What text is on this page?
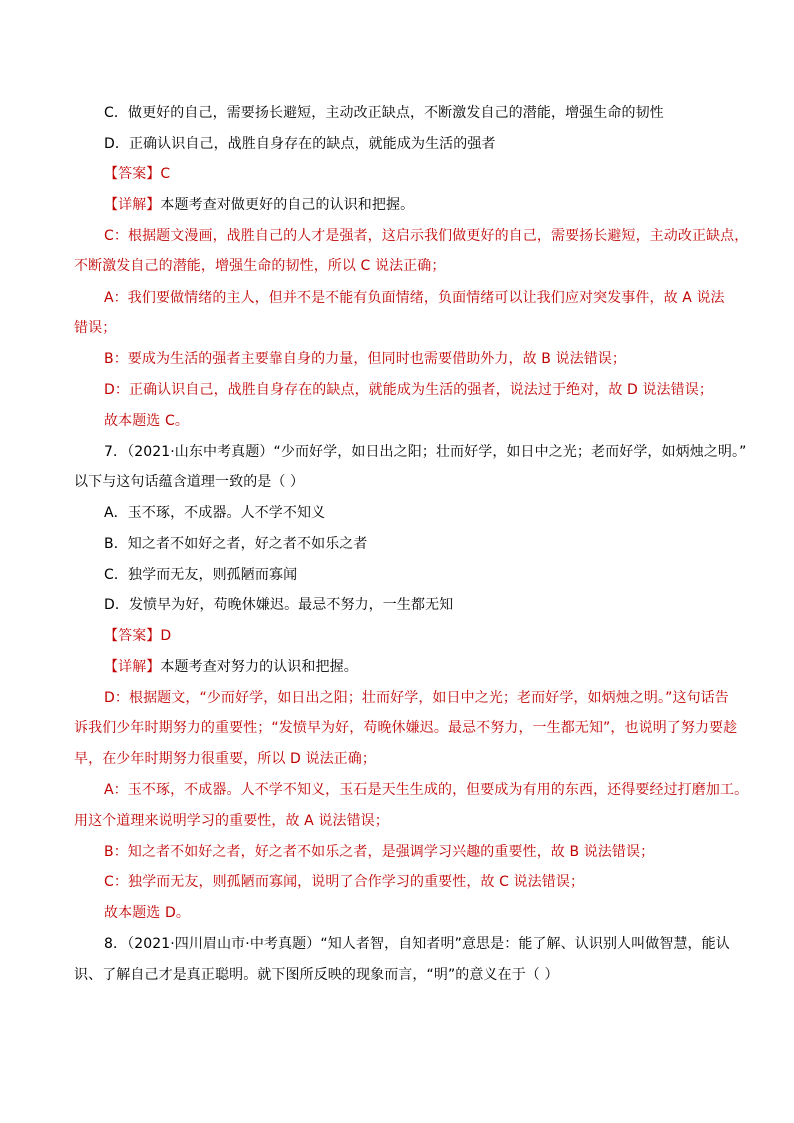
C．做更好的自己，需要扬长避短，主动改正缺点，不断激发自己的潜能，增强生命的韧性
D．正确认识自己，战胜自身存在的缺点，就能成为生活的强者
【答案】C
【详解】本题考查对做更好的自己的认识和把握。
C：根据题文漫画，战胜自己的人才是强者，这启示我们做更好的自己，需要扬长避短，主动改正缺点，
不断激发自己的潜能，增强生命的韧性，所以 C 说法正确；
A：我们要做情绪的主人，但并不是不能有负面情绪，负面情绪可以让我们应对突发事件，故 A 说法
错误；
B：要成为生活的强者主要靠自身的力量，但同时也需要借助外力，故 B 说法错误；
D：正确认识自己，战胜自身存在的缺点，就能成为生活的强者，说法过于绝对，故 D 说法错误；
故本题选 C。
7．（2021·山东中考真题）“少而好学，如日出之阳；壮而好学，如日中之光；老而好学，如炳烛之明。”
以下与这句话蕴含道理一致的是（ ）
A．玉不琢，不成器。人不学不知义
B．知之者不如好之者，好之者不如乐之者
C．独学而无友，则孤陋而寡闻
D．发愤早为好，苟晚休嫌迟。最忌不努力，一生都无知
【答案】D
【详解】本题考查对努力的认识和把握。
D：根据题文，“少而好学，如日出之阳；壮而好学，如日中之光；老而好学，如炳烛之明。”这句话告
诉我们少年时期努力的重要性；“发愤早为好，苟晚休嫌迟。最忌不努力，一生都无知”，也说明了努力要趁
早，在少年时期努力很重要，所以 D 说法正确；
A：玉不琢，不成器。人不学不知义，玉石是天生生成的，但要成为有用的东西，还得要经过打磨加工。
用这个道理来说明学习的重要性，故 A 说法错误；
B：知之者不如好之者，好之者不如乐之者，是强调学习兴趣的重要性，故 B 说法错误；
C：独学而无友，则孤陋而寡闻，说明了合作学习的重要性，故 C 说法错误；
故本题选 D。
8．（2021·四川眉山市·中考真题）“知人者智，自知者明”意思是：能了解、认识别人叫做智慧，能认
识、了解自己才是真正聪明。就下图所反映的现象而言，“明”的意义在于（ ）
